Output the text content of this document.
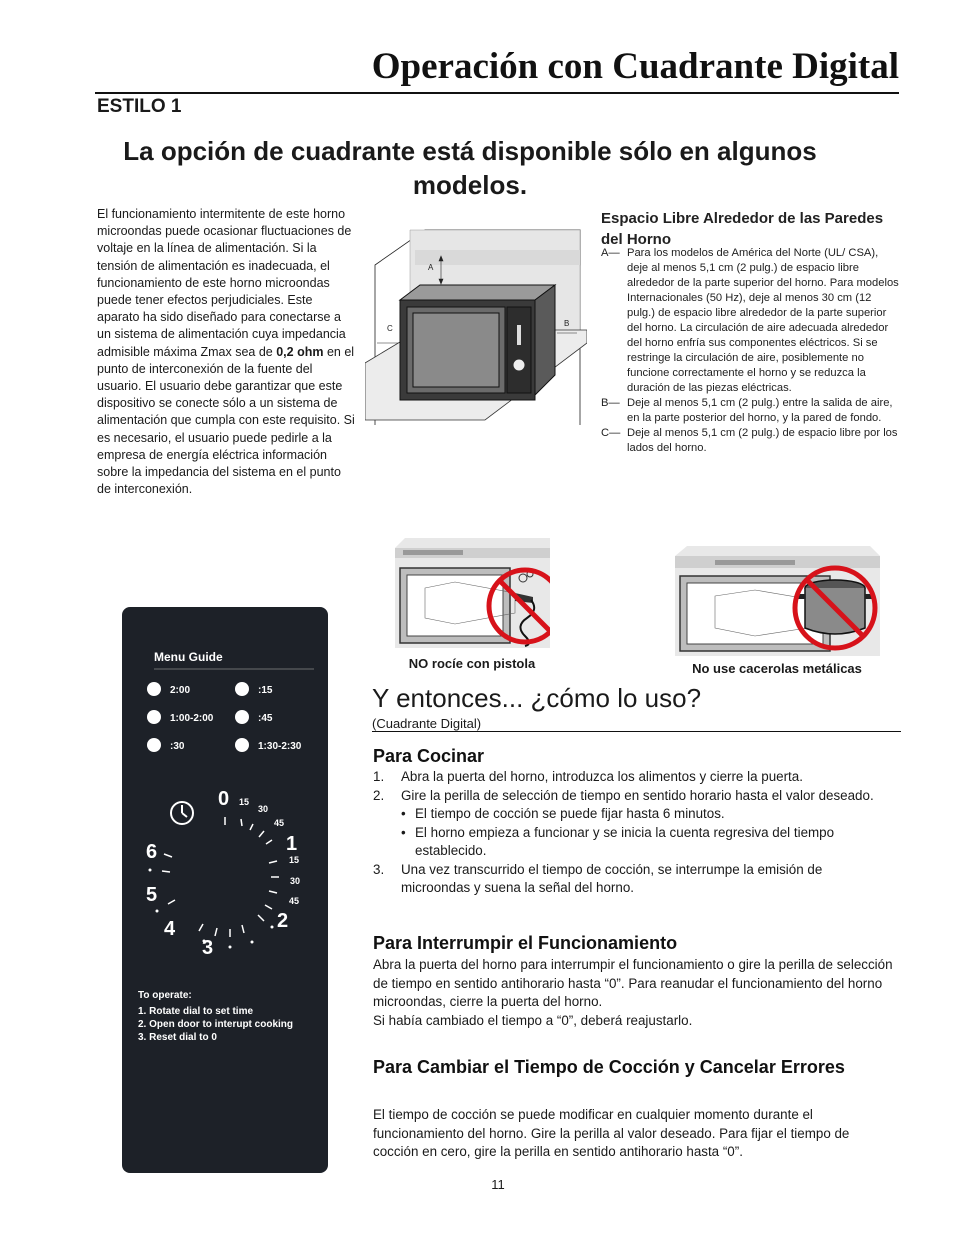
Operación con Cuadrante Digital
ESTILO 1
La opción de cuadrante está disponible sólo en algunos modelos.
El funcionamiento intermitente de este horno microondas puede ocasionar fluctuaciones de voltaje en la línea de alimentación. Si la tensión de alimentación es inadecuada, el funcionamiento de este horno microondas puede tener efectos perjudiciales. Este aparato ha sido diseñado para conectarse a un sistema de alimentación cuya impedancia admisible máxima Zmax sea de 0,2 ohm en el punto de interconexión de la fuente del usuario. El usuario debe garantizar que este dispositivo se conecte sólo a un sistema de alimentación que cumpla con este requisito. Si es necesario, el usuario puede pedirle a la empresa de energía eléctrica información sobre la impedancia del sistema en el punto de interconexión.
A
C
B
Espacio Libre Alrededor de las Paredes del Horno
A— Para los modelos de América del Norte (UL/ CSA), deje al menos 5,1 cm (2 pulg.) de espacio libre alrededor de la parte superior del horno. Para modelos Internacionales (50 Hz), deje al menos 30 cm (12 pulg.) de espacio libre alrededor de la parte superior del horno. La circulación de aire adecuada alrededor del horno enfría sus componentes eléctricos. Si se restringe la circulación de aire, posiblemente no funcione correctamente el horno y se reduzca la duración de las piezas eléctricas.
B— Deje al menos 5,1 cm (2 pulg.) entre la salida de aire, en la parte posterior del horno, y la pared de fondo.
C— Deje al menos 5,1 cm (2 pulg.) de espacio libre por los lados del horno.
NO rocíe con pistola	No use cacerolas metálicas
Menu Guide
2:00	:15
1:00-2:00	:45
:30	1:30-2:30
0
1
2
3
4
5
6
15
30
45
15
30
45
To operate:
1. Rotate dial to set time
2. Open door to interupt cooking
3. Reset dial to 0
Y entonces... ¿cómo lo uso?
(Cuadrante Digital)
Para Cocinar
1.	Abra la puerta del horno, introduzca los alimentos y cierre la puerta.
2.	Gire la perilla de selección de tiempo en sentido horario hasta el valor deseado.
• El tiempo de cocción se puede fijar hasta 6 minutos.
• El horno empieza a funcionar y se inicia la cuenta regresiva del tiempo establecido.
3.	Una vez transcurrido el tiempo de cocción, se interrumpe la emisión de microondas y suena la señal del horno.
Para Interrumpir el Funcionamiento
Abra la puerta del horno para interrumpir el funcionamiento o gire la perilla de selección de tiempo en sentido antihorario hasta “0”. Para reanudar el funcionamiento del horno microondas, cierre la puerta del horno.
Si había cambiado el tiempo a “0”, deberá reajustarlo.
Para Cambiar el Tiempo de Cocción y Cancelar Errores
El tiempo de cocción se puede modificar en cualquier momento durante el funcionamiento del horno. Gire la perilla al valor deseado. Para fijar el tiempo de cocción en cero, gire la perilla en sentido antihorario hasta “0”.
11
